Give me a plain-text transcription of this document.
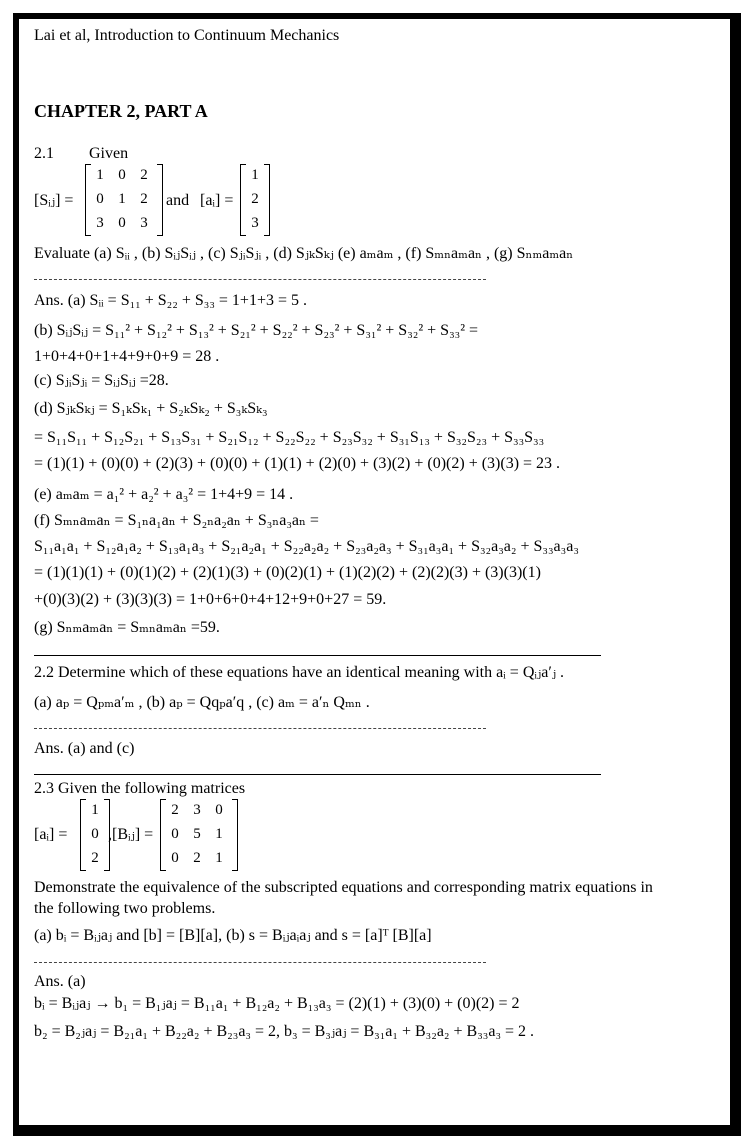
Lai et al, Introduction to Continuum Mechanics
CHAPTER 2, PART A
2.1 Given
[Sᵢⱼ] =
1 0 2
0 1 2
3 0 3
and [aᵢ] =
1
2
3
Evaluate (a) Sᵢᵢ , (b) SᵢⱼSᵢⱼ , (c) SⱼᵢSⱼᵢ , (d) SⱼₖSₖⱼ (e) aₘaₘ , (f) Sₘₙaₘaₙ , (g) Sₙₘaₘaₙ
Ans. (a) Sᵢᵢ = S₁₁ + S₂₂ + S₃₃ = 1+1+3 = 5 .
(b) SᵢⱼSᵢⱼ = S₁₁² + S₁₂² + S₁₃² + S₂₁² + S₂₂² + S₂₃² + S₃₁² + S₃₂² + S₃₃² =
1+0+4+0+1+4+9+0+9 = 28 .
(c) SⱼᵢSⱼᵢ = SᵢⱼSᵢⱼ =28.
(d) SⱼₖSₖⱼ = S₁ₖSₖ₁ + S₂ₖSₖ₂ + S₃ₖSₖ₃
= S₁₁S₁₁ + S₁₂S₂₁ + S₁₃S₃₁ + S₂₁S₁₂ + S₂₂S₂₂ + S₂₃S₃₂ + S₃₁S₁₃ + S₃₂S₂₃ + S₃₃S₃₃
= (1)(1) + (0)(0) + (2)(3) + (0)(0) + (1)(1) + (2)(0) + (3)(2) + (0)(2) + (3)(3) = 23 .
(e) aₘaₘ = a₁² + a₂² + a₃² = 1+4+9 = 14 .
(f) Sₘₙaₘaₙ = S₁ₙa₁aₙ + S₂ₙa₂aₙ + S₃ₙa₃aₙ =
S₁₁a₁a₁ + S₁₂a₁a₂ + S₁₃a₁a₃ + S₂₁a₂a₁ + S₂₂a₂a₂ + S₂₃a₂a₃ + S₃₁a₃a₁ + S₃₂a₃a₂ + S₃₃a₃a₃
= (1)(1)(1) + (0)(1)(2) + (2)(1)(3) + (0)(2)(1) + (1)(2)(2) + (2)(2)(3) + (3)(3)(1)
+(0)(3)(2) + (3)(3)(3) = 1+0+6+0+4+12+9+0+27 = 59.
(g) Sₙₘaₘaₙ = Sₘₙaₘaₙ =59.
2.2 Determine which of these equations have an identical meaning with aᵢ = Qᵢⱼa′ⱼ .
(a) aₚ = Qₚₘa′ₘ , (b) aₚ = Qqₚa′q , (c) aₘ = a′ₙ Qₘₙ .
Ans. (a) and (c)
2.3 Given the following matrices
[aᵢ] =
1
0
2
,[Bᵢⱼ] =
2 3 0
0 5 1
0 2 1
Demonstrate the equivalence of the subscripted equations and corresponding matrix equations in
the following two problems.
(a) bᵢ = Bᵢⱼaⱼ and [b] = [B][a], (b) s = Bᵢⱼaᵢaⱼ and s = [a]ᵀ [B][a]
Ans. (a)
bᵢ = Bᵢⱼaⱼ → b₁ = B₁ⱼaⱼ = B₁₁a₁ + B₁₂a₂ + B₁₃a₃ = (2)(1) + (3)(0) + (0)(2) = 2
b₂ = B₂ⱼaⱼ = B₂₁a₁ + B₂₂a₂ + B₂₃a₃ = 2, b₃ = B₃ⱼaⱼ = B₃₁a₁ + B₃₂a₂ + B₃₃a₃ = 2 .
